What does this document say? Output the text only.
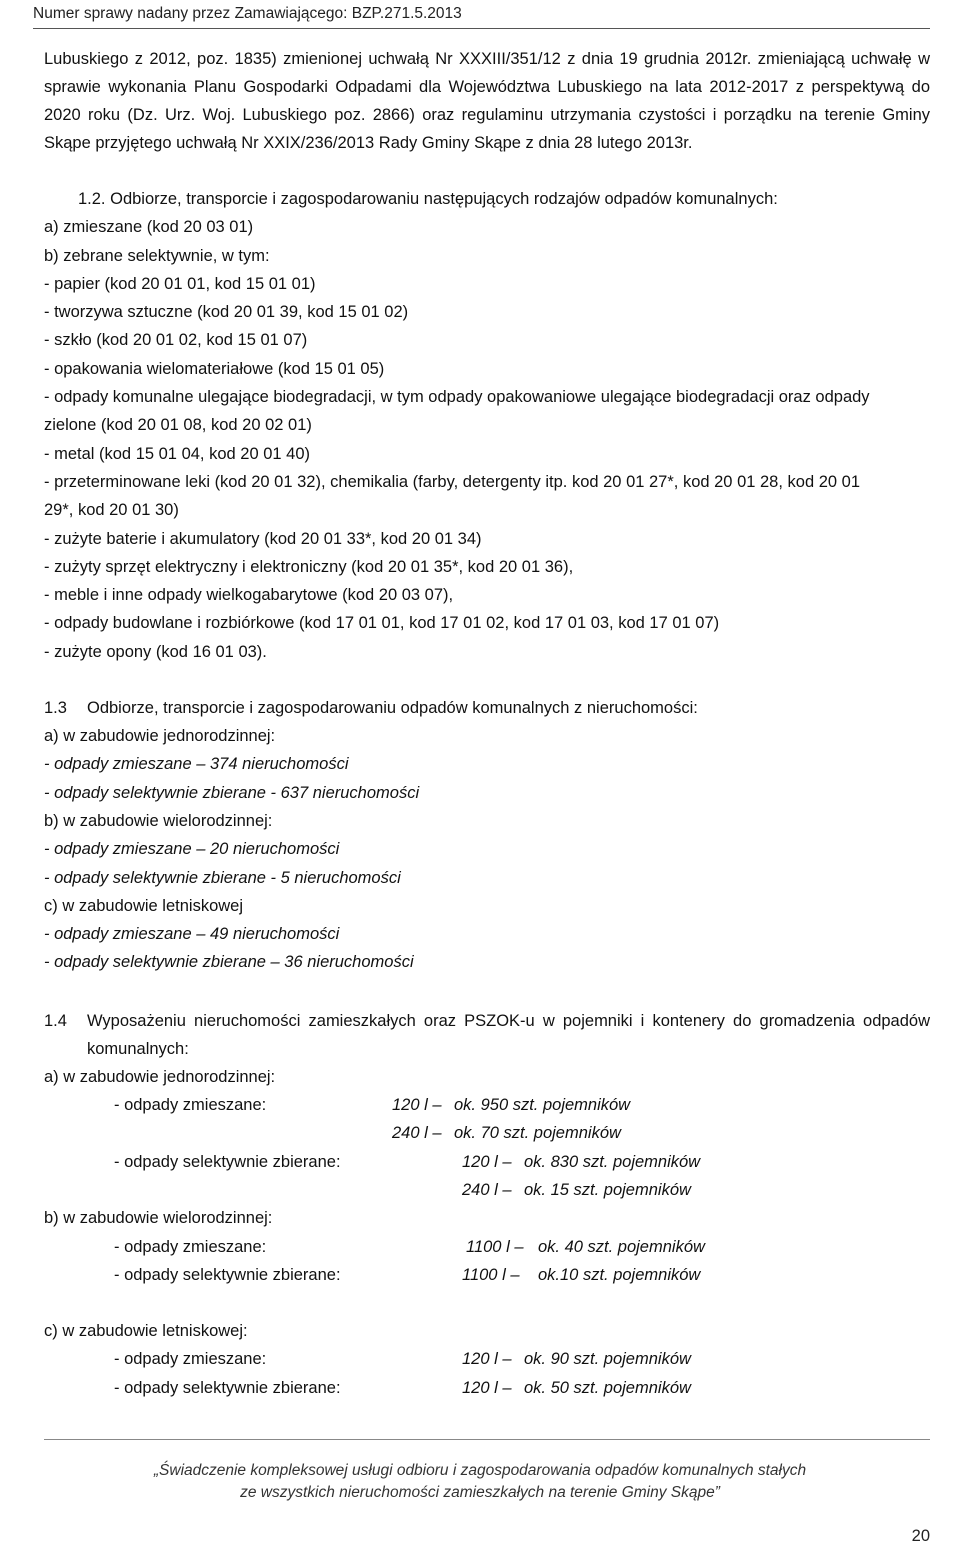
Numer sprawy nadany przez Zamawiającego: BZP.271.5.2013

Lubuskiego z 2012, poz. 1835) zmienionej uchwałą Nr XXXIII/351/12 z dnia 19 grudnia 2012r. zmieniającą uchwałę w sprawie wykonania Planu Gospodarki Odpadami dla Województwa Lubuskiego na lata 2012-2017 z perspektywą do 2020 roku (Dz. Urz. Woj. Lubuskiego poz. 2866) oraz regulaminu utrzymania czystości i porządku na terenie Gminy Skąpe przyjętego uchwałą Nr XXIX/236/2013 Rady Gminy Skąpe z dnia 28 lutego 2013r.

1.2. Odbiorze, transporcie i zagospodarowaniu następujących rodzajów odpadów komunalnych:
a) zmieszane (kod 20 03 01)
b) zebrane selektywnie, w tym:
- papier (kod 20 01 01, kod 15 01 01)
- tworzywa sztuczne (kod 20 01 39, kod 15 01 02)
- szkło (kod 20 01 02, kod 15 01 07)
- opakowania wielomateriałowe (kod 15 01 05)
- odpady komunalne ulegające biodegradacji, w tym odpady opakowaniowe ulegające biodegradacji oraz odpady
zielone (kod 20 01 08, kod 20 02 01)
- metal (kod 15 01 04, kod 20 01 40)
- przeterminowane leki (kod 20 01 32), chemikalia (farby, detergenty itp. kod 20 01 27*, kod 20 01 28, kod 20 01
29*, kod 20 01 30)
- zużyte baterie i akumulatory (kod 20 01 33*, kod 20 01 34)
- zużyty sprzęt elektryczny i elektroniczny (kod 20 01 35*, kod 20 01 36),
- meble i inne odpady wielkogabarytowe (kod 20 03 07),
- odpady budowlane i rozbiórkowe (kod 17 01 01, kod 17 01 02, kod 17 01 03, kod 17 01 07)
- zużyte opony (kod 16 01 03).
1.3	Odbiorze, transporcie i zagospodarowaniu odpadów komunalnych z nieruchomości:
a) w zabudowie jednorodzinnej:
- odpady zmieszane – 374 nieruchomości
- odpady selektywnie zbierane - 637 nieruchomości
b) w zabudowie wielorodzinnej:
- odpady zmieszane – 20 nieruchomości
- odpady selektywnie zbierane - 5 nieruchomości
c) w zabudowie letniskowej
- odpady zmieszane – 49 nieruchomości
- odpady selektywnie zbierane – 36 nieruchomości
1.4	Wyposażeniu nieruchomości zamieszkałych oraz PSZOK-u w pojemniki i kontenery do gromadzenia odpadów komunalnych:
a) w zabudowie jednorodzinnej:
- odpady zmieszane:	120 l – ok. 950 szt. pojemników
240 l – ok. 70 szt. pojemników
- odpady selektywnie zbierane:	120 l – ok. 830 szt. pojemników
240 l – ok. 15 szt. pojemników
b) w zabudowie wielorodzinnej:
- odpady zmieszane:	1100 l – ok. 40 szt. pojemników
- odpady selektywnie zbierane:	1100 l –	ok.10 szt. pojemników
c) w zabudowie letniskowej:
- odpady zmieszane:	120 l – ok. 90 szt. pojemników
- odpady selektywnie zbierane:	120 l – ok. 50 szt. pojemników
„Świadczenie kompleksowej usługi odbioru i zagospodarowania odpadów komunalnych stałych
ze wszystkich nieruchomości zamieszkałych na terenie Gminy Skąpe”
20
